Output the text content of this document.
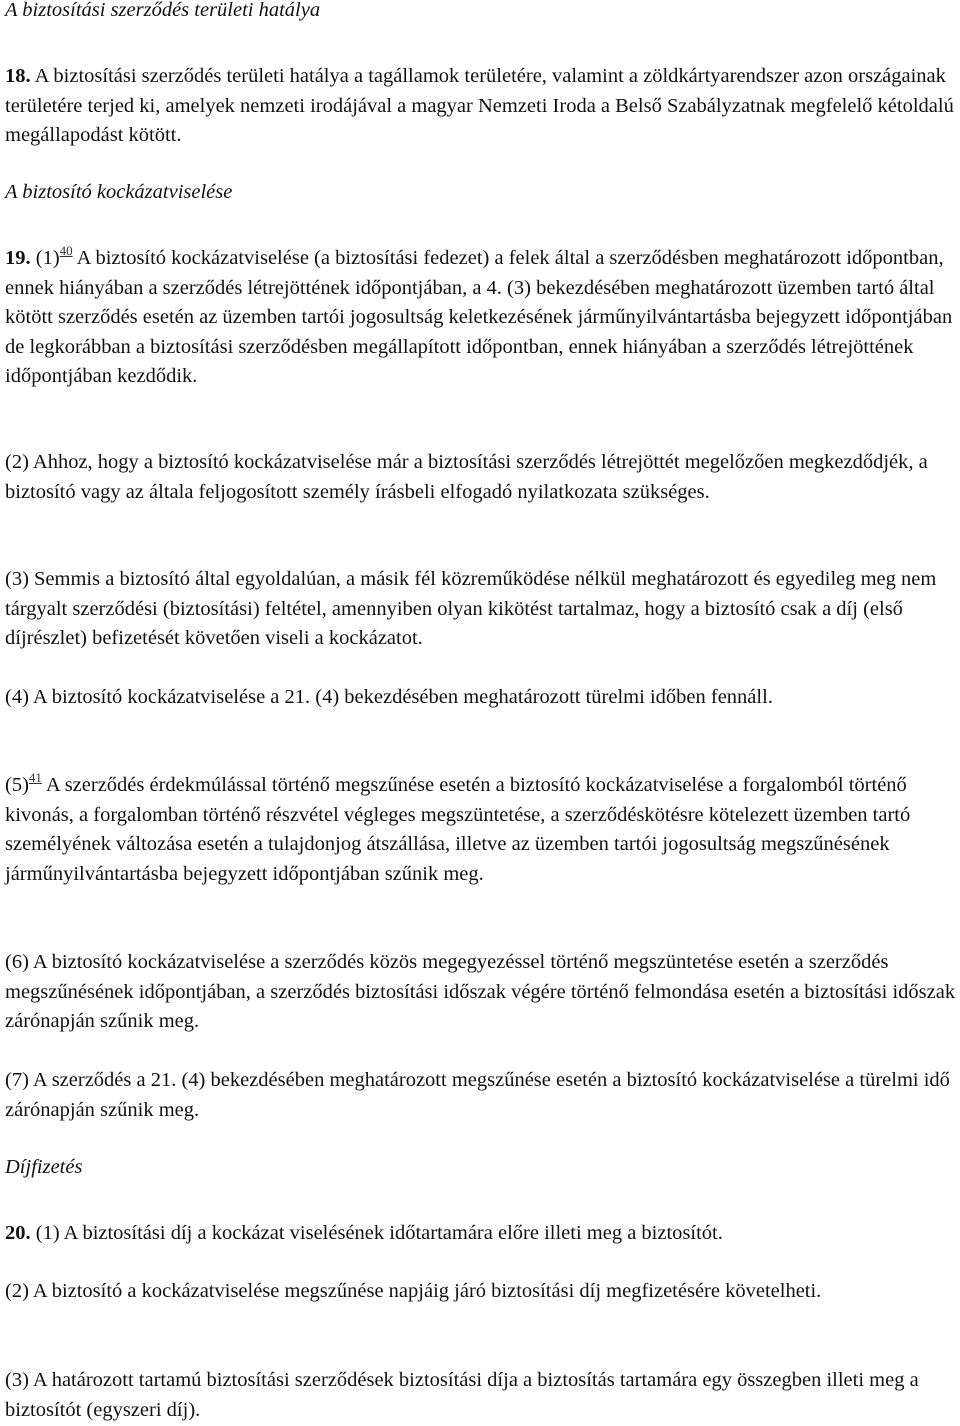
A biztosítási szerződés területi hatálya

18. A biztosítási szerződés területi hatálya a tagállamok területére, valamint a zöldkártyarendszer azon országainak területére terjed ki, amelyek nemzeti irodájával a magyar Nemzeti Iroda a Belső Szabályzatnak megfelelő kétoldalú megállapodást kötött.

A biztosító kockázatviselése

19. (1)$^{40}$ A biztosító kockázatviselése (a biztosítási fedezet) a felek által a szerződésben meghatározott időpontban, ennek hiányában a szerződés létrejöttének időpontjában, a 4. (3) bekezdésében meghatározott üzemben tartó által kötött szerződés esetén az üzemben tartói jogosultság keletkezésének járműnyilvántartásba bejegyzett időpontjában de legkorábban a biztosítási szerződésben megállapított időpontban, ennek hiányában a szerződés létrejöttének időpontjában kezdődik.

(2) Ahhoz, hogy a biztosító kockázatviselése már a biztosítási szerződés létrejöttét megelőzően megkezdődjék, a biztosító vagy az általa feljogosított személy írásbeli elfogadó nyilatkozata szükséges.

(3) Semmis a biztosító által egyoldalúan, a másik fél közreműködése nélkül meghatározott és egyedileg meg nem tárgyalt szerződési (biztosítási) feltétel, amennyiben olyan kikötést tartalmaz, hogy a biztosító csak a díj (első díjrészlet) befizetését követően viseli a kockázatot.

(4) A biztosító kockázatviselése a 21. (4) bekezdésében meghatározott türelmi időben fennáll.

(5)$^{41}$ A szerződés érdekmúlással történő megszűnése esetén a biztosító kockázatviselése a forgalomból történő kivonás, a forgalomban történő részvétel végleges megszüntetése, a szerződéskötésre kötelezett üzemben tartó személyének változása esetén a tulajdonjog átszállása, illetve az üzemben tartói jogosultság megszűnésének járműnyilvántartásba bejegyzett időpontjában szűnik meg.

(6) A biztosító kockázatviselése a szerződés közös megegyezéssel történő megszüntetése esetén a szerződés megszűnésének időpontjában, a szerződés biztosítási időszak végére történő felmondása esetén a biztosítási időszak zárónapján szűnik meg.

(7) A szerződés a 21. (4) bekezdésében meghatározott megszűnése esetén a biztosító kockázatviselése a türelmi idő zárónapján szűnik meg.

Díjfizetés

20. (1) A biztosítási díj a kockázat viselésének időtartamára előre illeti meg a biztosítót.

(2) A biztosító a kockázatviselése megszűnése napjáig járó biztosítási díj megfizetésére követelheti.

(3) A határozott tartamú biztosítási szerződések biztosítási díja a biztosítás tartamára egy összegben illeti meg a biztosítót (egyszeri díj).
